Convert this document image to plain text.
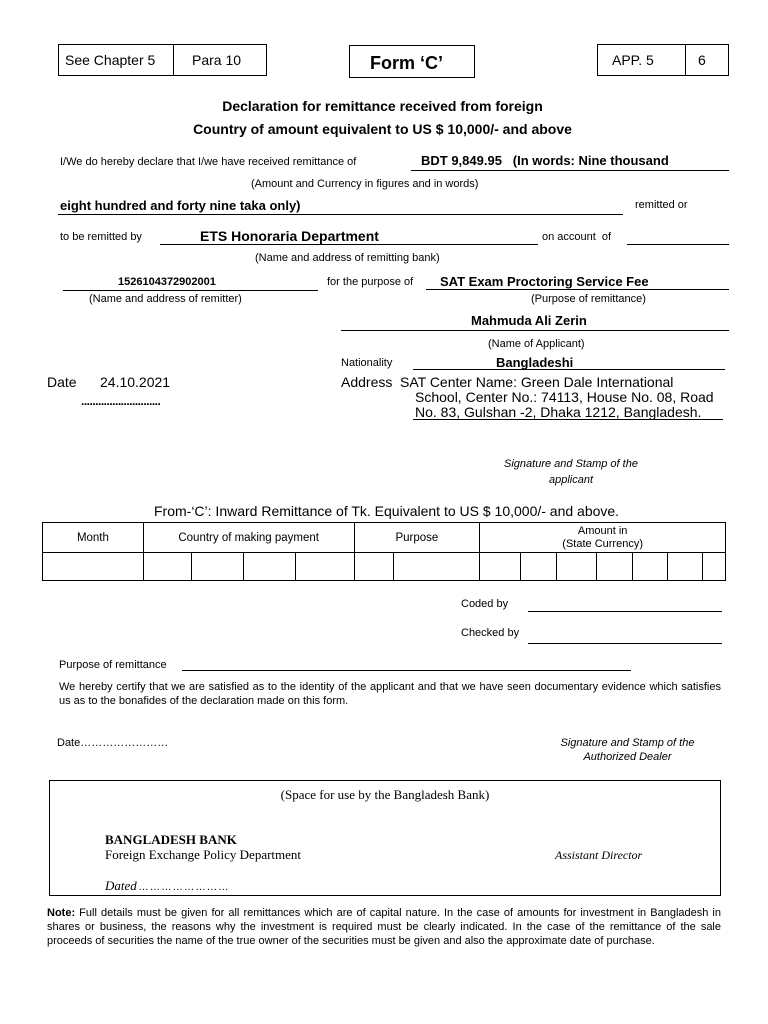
See Chapter 5	Para 10	Form ‘C’	APP. 5	6
Declaration for remittance received from foreign
Country of amount equivalent to US $ 10,000/- and above
I/We do hereby declare that I/we have received remittance of	BDT 9,849.95   (In words: Nine thousand
(Amount and Currency in figures and in words)
eight hundred and forty nine taka only)	remitted or
to be remitted by	ETS Honoraria Department	on account  of
(Name and address of remitting bank)
1526104372902001	for the purpose of SAT Exam Proctoring Service Fee
(Name and address of remitter)	(Purpose of remittance)
Mahmuda Ali Zerin
(Name of Applicant)
Nationality	Bangladeshi
Date 24.10.2021
............................
Address SAT Center Name: Green Dale International
School, Center No.: 74113, House No. 08, Road
No. 83, Gulshan -2, Dhaka 1212, Bangladesh.
Signature and Stamp of the
applicant
From-‘C’: Inward Remittance of Tk. Equivalent to US $ 10,000/- and above.
Month	Country of making payment				Purpose		Amount in
(State Currency)						

Coded by
Checked by
Purpose of remittance
We hereby certify that we are satisfied as to the identity of the applicant and that we have seen documentary evidence which satisfies us as to the bonafides of the declaration made on this form.
Date……………………	Signature and Stamp of the
Authorized Dealer
(Space for use by the Bangladesh Bank)
BANGLADESH BANK
Foreign Exchange Policy Department	Assistant Director
Dated … … … … … … … …
Note: Full details must be given for all remittances which are of capital nature. In the case of amounts for investment in Bangladesh in shares or business, the reasons why the investment is required must be clearly indicated. In the case of the remittance of the sale proceeds of securities the name of the true owner of the securities must be given and also the approximate date of purchase.
